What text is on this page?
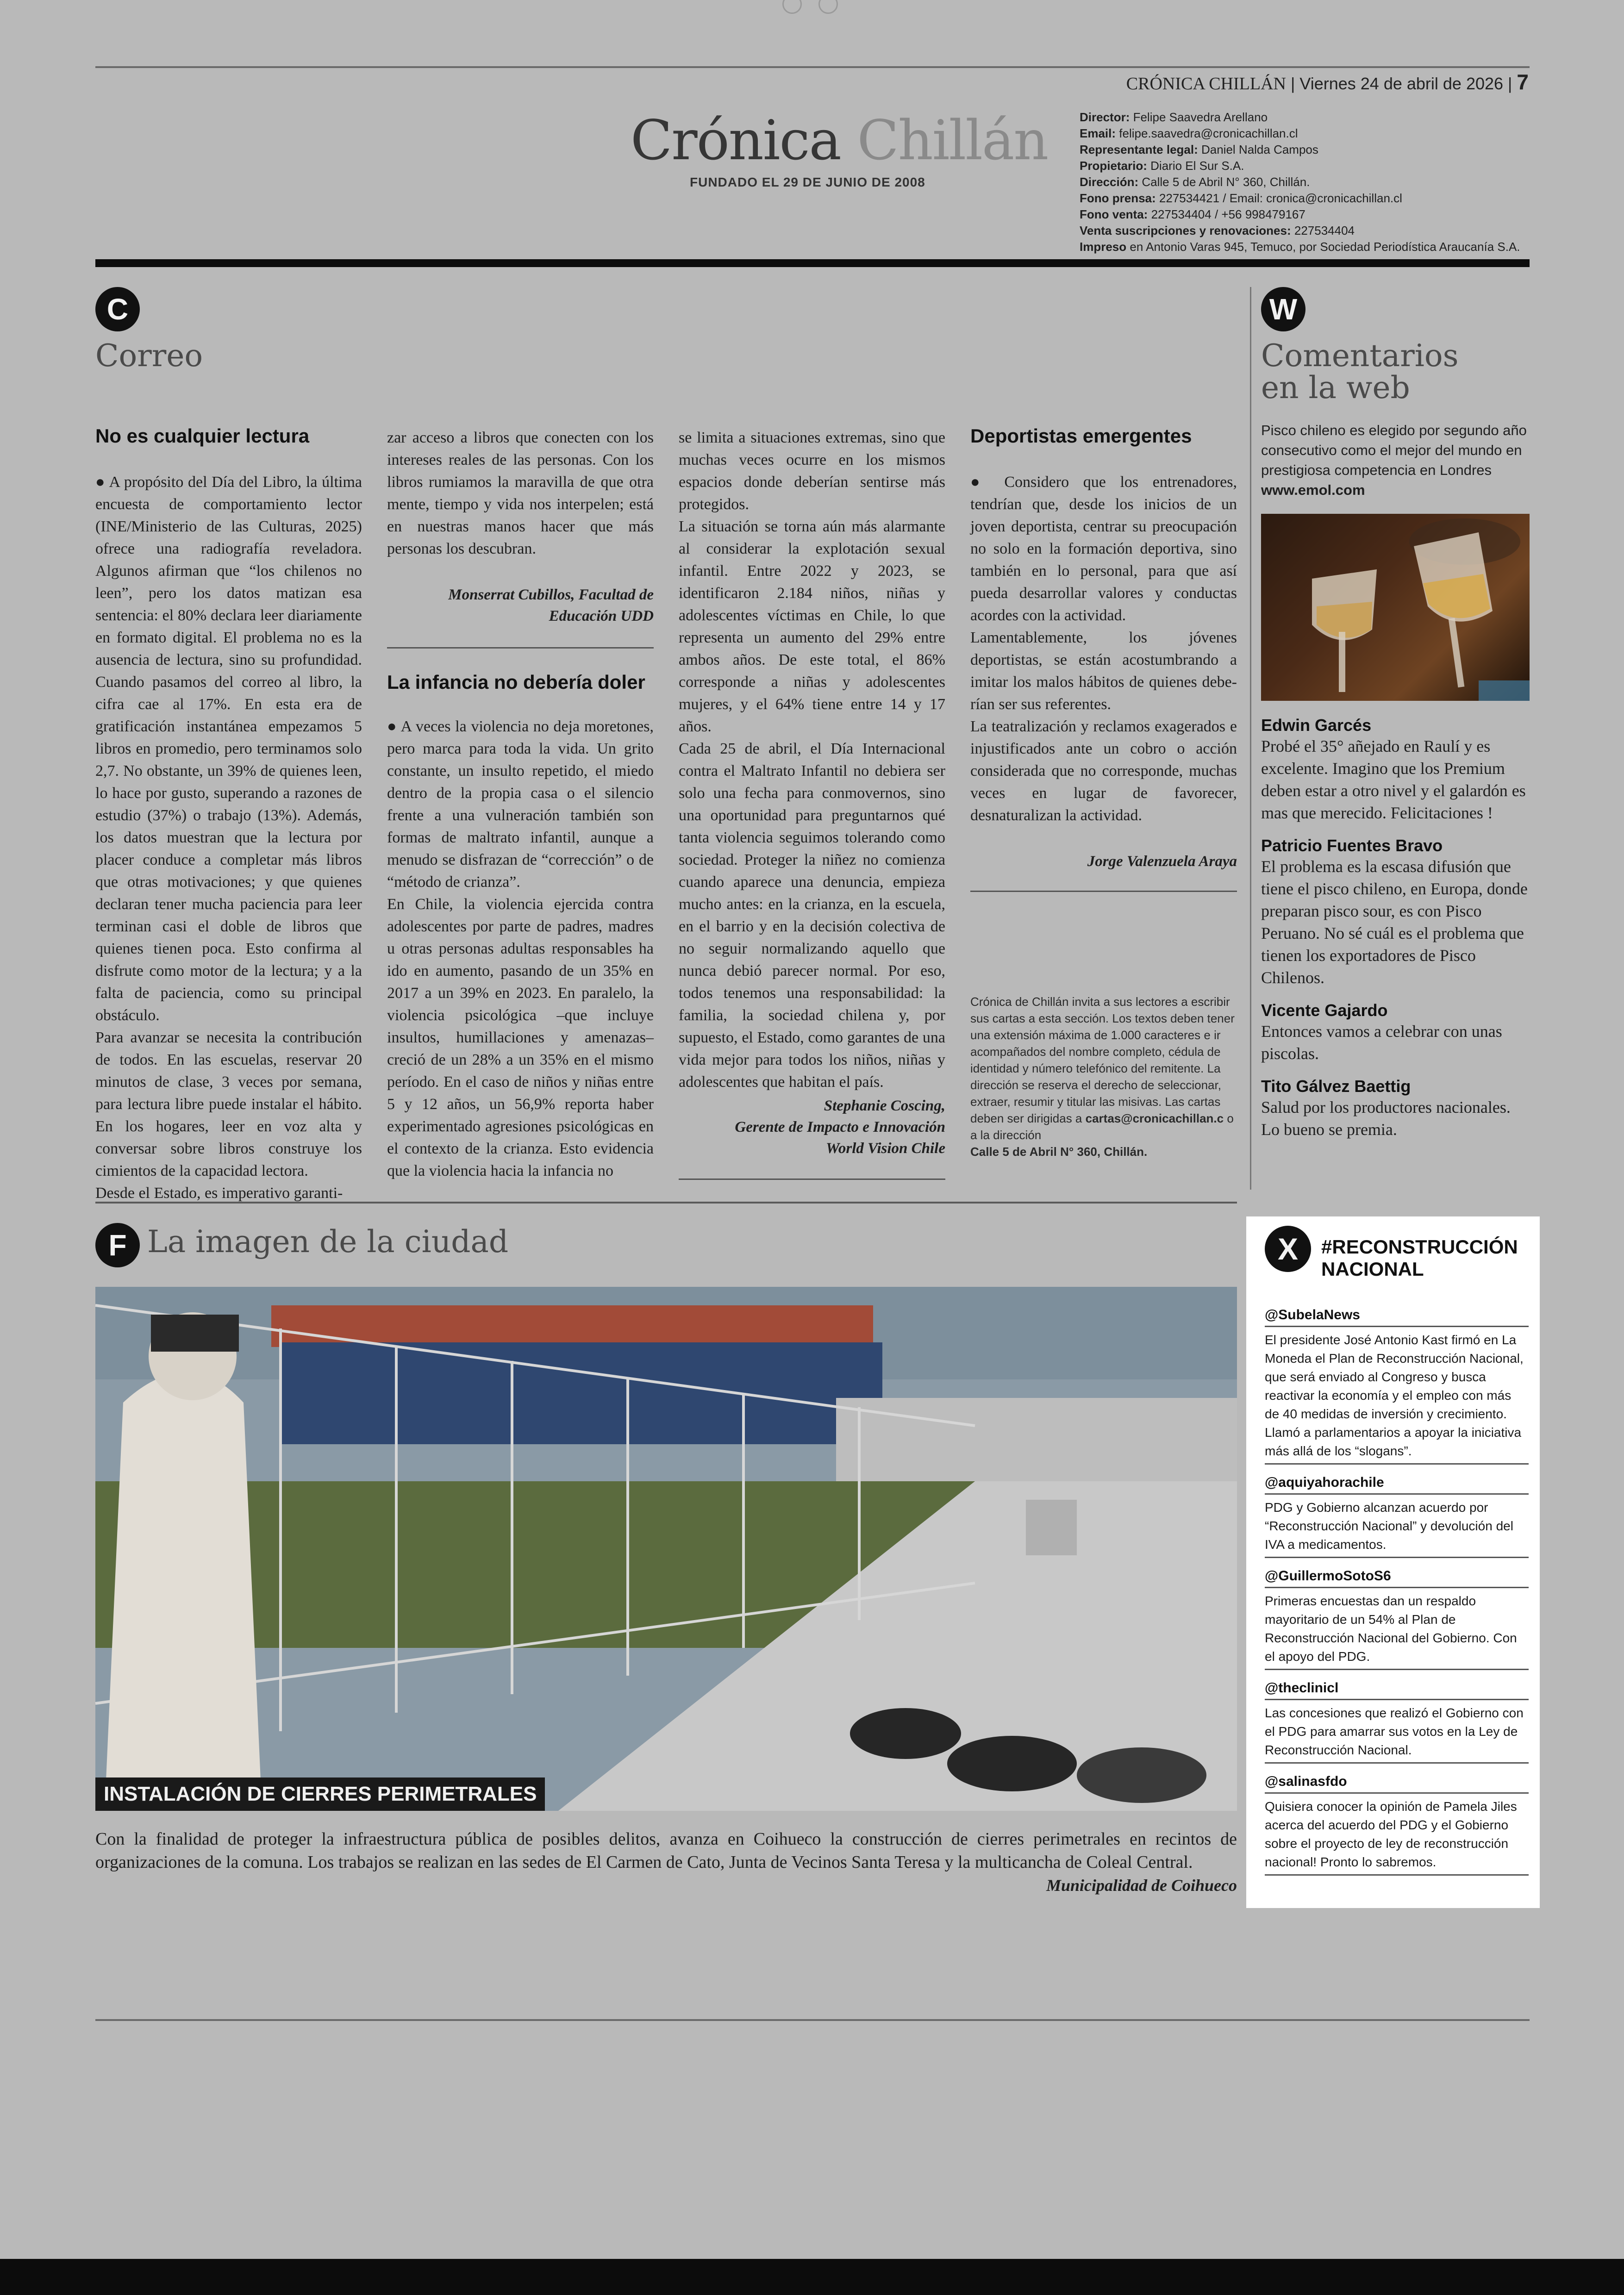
CRÓNICA CHILLÁN | Viernes 24 de abril de 2026 | 7
Crónica Chillán
FUNDADO EL 29 DE JUNIO DE 2008
Director: Felipe Saavedra Arellano
Email: felipe.saavedra@cronicachillan.cl
Representante legal: Daniel Nalda Campos
Propietario: Diario El Sur S.A.
Dirección: Calle 5 de Abril N° 360, Chillán.
Fono prensa: 227534421 / Email: cronica@cronicachillan.cl
Fono venta: 227534404 / +56 998479167
Venta suscripciones y renovaciones: 227534404
Impreso en Antonio Varas 945, Temuco, por Sociedad Periodística Araucanía S.A.
C
Correo
No es cualquier lectura

● A propósito del Día del Libro, la última encuesta de comportamiento lector (INE/Ministerio de las Culturas, 2025) ofrece una radiografía reveladora. Algunos afirman que “los chilenos no leen”, pero los datos matizan esa sentencia: el 80% declara leer diariamente en formato digital. El problema no es la ausencia de lectura, sino su profundidad. Cuando pasamos del correo al libro, la cifra cae al 17%. En esta era de gratificación instantánea empezamos 5 libros en promedio, pero terminamos solo 2,7. No obstante, un 39% de quienes leen, lo hace por gusto, superando a razones de estudio (37%) o trabajo (13%). Además, los datos muestran que la lectura por placer conduce a completar más libros que otras motivaciones; y que quienes declaran tener mucha paciencia para leer terminan casi el doble de libros que quienes tienen poca. Esto confirma al disfrute como motor de la lectura; y a la falta de paciencia, como su principal obstáculo.
Para avanzar se necesita la contribución de todos. En las escuelas, reservar 20 minutos de clase, 3 veces por semana, para lectura libre puede instalar el hábito. En los hogares, leer en voz alta y conversar sobre libros construye los cimientos de la capacidad lectora.
Desde el Estado, es imperativo garanti-

zar acceso a libros que conecten con los intereses reales de las personas. Con los libros rumiamos la maravilla de que otra mente, tiempo y vida nos interpelen; está en nuestras manos hacer que más personas los descubran.

Monserrat Cubillos, Facultad de Educación UDD
La infancia no debería doler

● A veces la violencia no deja moretones, pero marca para toda la vida. Un grito constante, un insulto repetido, el miedo dentro de la propia casa o el silencio frente a una vulneración también son formas de maltrato infantil, aunque a menudo se disfrazan de “corrección” o de “método de crianza”.
En Chile, la violencia ejercida contra adolescentes por parte de padres, madres u otras personas adultas responsables ha ido en aumento, pasando de un 35% en 2017 a un 39% en 2023. En paralelo, la violencia psicológica –que incluye insultos, humillaciones y amenazas– creció de un 28% a un 35% en el mismo período. En el caso de niños y niñas entre 5 y 12 años, un 56,9% reporta haber experimentado agresiones psicológicas en el contexto de la crianza. Esto evidencia que la violencia hacia la infancia no

se limita a situaciones extremas, sino que muchas veces ocurre en los mismos espacios donde deberían sentirse más protegidos.
La situación se torna aún más alarmante al considerar la explotación sexual infantil. Entre 2022 y 2023, se identificaron 2.184 niños, niñas y adolescentes víctimas en Chile, lo que representa un aumento del 29% entre ambos años. De este total, el 86% corresponde a niñas y adolescentes mujeres, y el 64% tiene entre 14 y 17 años.
Cada 25 de abril, el Día Internacional contra el Maltrato Infantil no debiera ser solo una fecha para conmovernos, sino una oportunidad para preguntarnos qué tanta violencia seguimos tolerando como sociedad. Proteger la niñez no comienza cuando aparece una denuncia, empieza mucho antes: en la crianza, en la escuela, en el barrio y en la decisión colectiva de no seguir normalizando aquello que nunca debió parecer normal. Por eso, todos tenemos una responsabilidad: la familia, la sociedad chilena y, por supuesto, el Estado, como garantes de una vida mejor para todos los niños, niñas y adolescentes que habitan el país.

Stephanie Coscing,
Gerente de Impacto e Innovación
World Vision Chile
Deportistas emergentes

● Considero que los entrenadores, tendrían que, desde los inicios de un joven deportista, centrar su preocupación no solo en la formación deportiva, sino también en lo personal, para que así pueda desarrollar valores y conductas acordes con la actividad.
Lamentablemente, los jóvenes deportistas, se están acostumbrando a imitar los malos hábitos de quienes deberían ser sus referentes.
La teatralización y reclamos exagerados e injustificados ante un cobro o acción considerada que no corresponde, muchas veces en lugar de favorecer, desnaturalizan la actividad.

Jorge Valenzuela Araya
Crónica de Chillán invita a sus lectores a escribir sus cartas a esta sección. Los textos deben tener una extensión máxima de 1.000 caracteres e ir acompañados del nombre completo, cédula de identidad y número telefónico del remitente. La dirección se reserva el derecho de seleccionar, extraer, resumir y titular las misivas. Las cartas deben ser dirigidas a cartas@cronicachillan.c o a la dirección
Calle 5 de Abril N° 360, Chillán.
W
Comentarios
en la web
Pisco chileno es elegido por segundo año consecutivo como el mejor del mundo en prestigiosa competencia en Londres www.emol.com
Edwin Garcés
Probé el 35° añejado en Raulí y es excelente. Imagino que los Premium deben estar a otro nivel y el galardón es mas que merecido. Felicitaciones !
Patricio Fuentes Bravo
El problema es la escasa difusión que tiene el pisco chileno, en Europa, donde preparan pisco sour, es con Pisco Peruano. No sé cuál es el problema que tienen los exportadores de Pisco Chilenos.
Vicente Gajardo
Entonces vamos a celebrar con unas piscolas.
Tito Gálvez Baettig
Salud por los productores nacionales. Lo bueno se premia.
F La imagen de la ciudad
INSTALACIÓN DE CIERRES PERIMETRALES
Con la finalidad de proteger la infraestructura pública de posibles delitos, avanza en Coihueco la construcción de cierres perimetrales en recintos de organizaciones de la comuna. Los trabajos se realizan en las sedes de El Carmen de Cato, Junta de Vecinos Santa Teresa y la multicancha de Coleal Central.
Municipalidad de Coihueco
X	#RECONSTRUCCIÓN
NACIONAL
@SubelaNews
El presidente José Antonio Kast firmó en La Moneda el Plan de Reconstrucción Nacional, que será enviado al Congreso y busca reactivar la economía y el empleo con más de 40 medidas de inversión y crecimiento. Llamó a parlamentarios a apoyar la iniciativa más allá de los “slogans”.
@aquiyahorachile
PDG y Gobierno alcanzan acuerdo por “Reconstrucción Nacional” y devolución del IVA a medicamentos.
@GuillermoSotoS6
Primeras encuestas dan un respaldo mayoritario de un 54% al Plan de Reconstrucción Nacional del Gobierno. Con el apoyo del PDG.
@theclinicl
Las concesiones que realizó el Gobierno con el PDG para amarrar sus votos en la Ley de Reconstrucción Nacional.
@salinasfdo
Quisiera conocer la opinión de Pamela Jiles acerca del acuerdo del PDG y el Gobierno sobre el proyecto de ley de reconstrucción nacional! Pronto lo sabremos.
